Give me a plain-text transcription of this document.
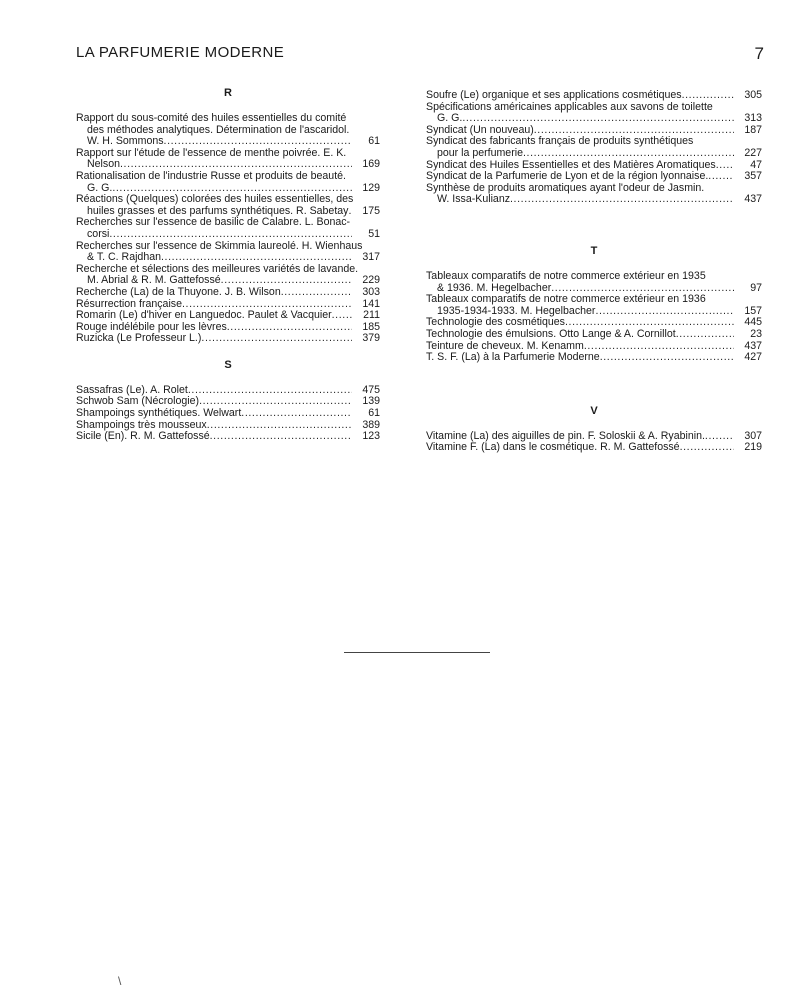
LA PARFUMERIE MODERNE	7
R
Rapport du sous-comité des huiles essentielles du comité
des méthodes analytiques. Détermination de l'ascaridol.
W. H. Sommons .....	61
Rapport sur l'étude de l'essence de menthe poivrée. E. K.
Nelson .....	169
Rationalisation de l'industrie Russe et produits de beauté.
G. G. .....	129
Réactions (Quelques) colorées des huiles essentielles, des
huiles grasses et des parfums synthétiques. R. Sabetay .....	175
Recherches sur l'essence de basilic de Calabre. L. Bonac-
corsi .....	51
Recherches sur l'essence de Skimmia laureolé. H. Wienhaus
& T. C. Rajdhan .....	317
Recherche et sélections des meilleures variétés de lavande.
M. Abrial & R. M. Gattefossé .....	229
Recherche (La) de la Thuyone. J. B. Wilson .....	303
Résurrection française .....	141
Romarin (Le) d'hiver en Languedoc. Paulet & Vacquier .....	211
Rouge indélébile pour les lèvres .....	185
Ruzicka (Le Professeur L.) .....	379
S
Sassafras (Le). A. Rolet .....	475
Schwob Sam (Nécrologie) .....	139
Shampoings synthétiques. Welwart .....	61
Shampoings très mousseux .....	389
Sicile (En). R. M. Gattefossé .....	123
Soufre (Le) organique et ses applications cosmétiques .....	305
Spécifications américaines applicables aux savons de toilette
G. G. .....	313
Syndicat (Un nouveau) .....	187
Syndicat des fabricants français de produits synthétiques
pour la perfumerie .....	227
Syndicat des Huiles Essentielles et des Matières Aromatiques .....	47
Syndicat de la Parfumerie de Lyon et de la région lyonnaise. .....	357
Synthèse de produits aromatiques ayant l'odeur de Jasmin.
W. Issa-Kulianz .....	437
T
Tableaux comparatifs de notre commerce extérieur en 1935
& 1936. M. Hegelbacher .....	97
Tableaux comparatifs de notre commerce extérieur en 1936
1935-1934-1933. M. Hegelbacher .....	157
Technologie des cosmétiques .....	445
Technologie des émulsions. Otto Lange & A. Cornillot .....	23
Teinture de cheveux. M. Kenamm .....	437
T. S. F. (La) à la Parfumerie Moderne .....	427
V
Vitamine (La) des aiguilles de pin. F. Soloskii & A. Ryabinin. .....	307
Vitamine F. (La) dans le cosmétique. R. M. Gattefossé .....	219
\
